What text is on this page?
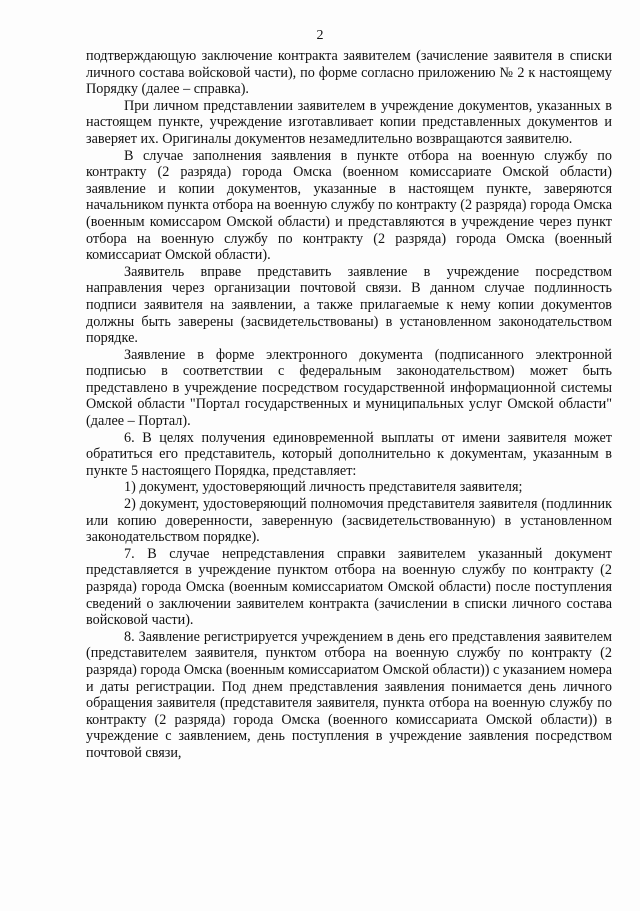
2

подтверждающую заключение контракта заявителем (зачисление заявителя в списки личного состава войсковой части), по форме согласно приложению № 2 к настоящему Порядку (далее – справка).

При личном представлении заявителем в учреждение документов, указанных в настоящем пункте, учреждение изготавливает копии представленных документов и заверяет их. Оригиналы документов незамедлительно возвращаются заявителю.

В случае заполнения заявления в пункте отбора на военную службу по контракту (2 разряда) города Омска (военном комиссариате Омской области) заявление и копии документов, указанные в настоящем пункте, заверяются начальником пункта отбора на военную службу по контракту (2 разряда) города Омска (военным комиссаром Омской области) и представляются в учреждение через пункт отбора на военную службу по контракту (2 разряда) города Омска (военный комиссариат Омской области).

Заявитель вправе представить заявление в учреждение посредством направления через организации почтовой связи. В данном случае подлинность подписи заявителя на заявлении, а также прилагаемые к нему копии документов должны быть заверены (засвидетельствованы) в установленном законодательством порядке.

Заявление в форме электронного документа (подписанного электронной подписью в соответствии с федеральным законодательством) может быть представлено в учреждение посредством государственной информационной системы Омской области "Портал государственных и муниципальных услуг Омской области" (далее – Портал).

6. В целях получения единовременной выплаты от имени заявителя может обратиться его представитель, который дополнительно к документам, указанным в пункте 5 настоящего Порядка, представляет:

1) документ, удостоверяющий личность представителя заявителя;

2) документ, удостоверяющий полномочия представителя заявителя (подлинник или копию доверенности, заверенную (засвидетельствованную) в установленном законодательством порядке).

7. В случае непредставления справки заявителем указанный документ представляется в учреждение пунктом отбора на военную службу по контракту (2 разряда) города Омска (военным комиссариатом Омской области) после поступления сведений о заключении заявителем контракта (зачислении в списки личного состава войсковой части).

8. Заявление регистрируется учреждением в день его представления заявителем (представителем заявителя, пунктом отбора на военную службу по контракту (2 разряда) города Омска (военным комиссариатом Омской области)) с указанием номера и даты регистрации. Под днем представления заявления понимается день личного обращения заявителя (представителя заявителя, пункта отбора на военную службу по контракту (2 разряда) города Омска (военного комиссариата Омской области)) в учреждение с заявлением, день поступления в учреждение заявления посредством почтовой связи,
